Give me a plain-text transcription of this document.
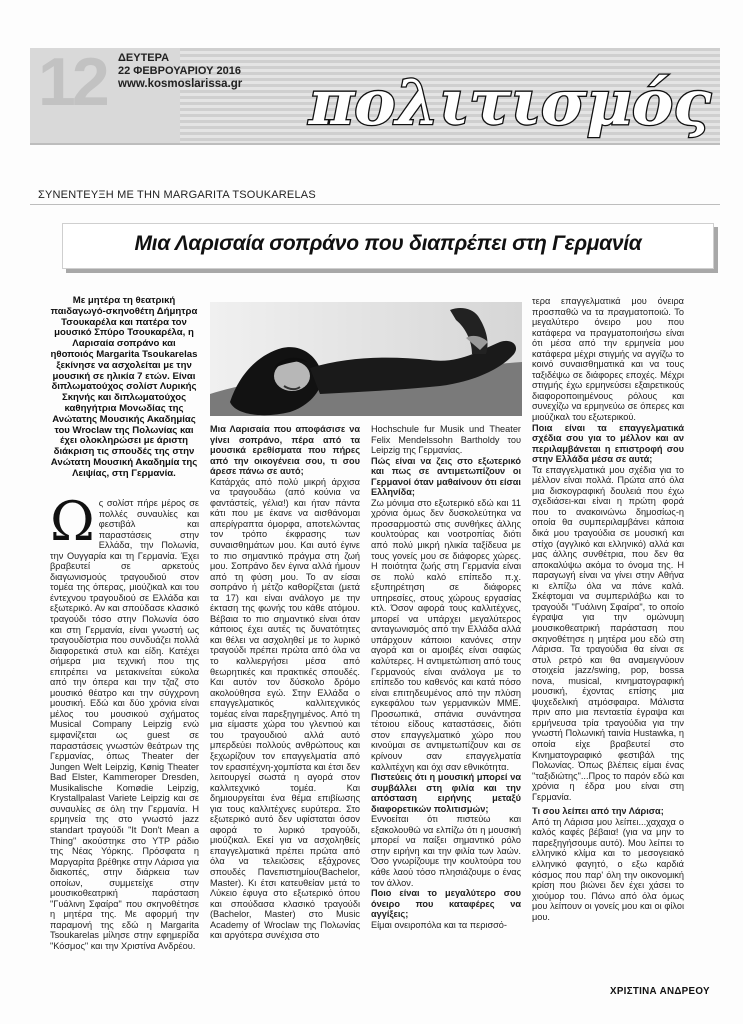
12 ΔΕΥΤΕΡΑ
22 ΦΕΒΡΟΥΑΡΙΟΥ 2016
www.kosmoslarissa.gr πολιτισμός
ΣΥΝΕΝΤΕΥΞΗ ΜΕ ΤΗΝ MARGARITA TSOUKARELAS
Μια Λαρισαία σοπράνο που διαπρέπει στη Γερμανία
Με μητέρα τη θεατρική παιδαγωγό-σκηνοθέτη Δήμητρα Τσουκαρέλα και πατέρα τον μουσικό Σπύρο Τσουκαρέλα, η Λαρισαία σοπράνο και ηθοποιός Margarita Tsoukarelas ξεκίνησε να ασχολείται με την μουσική σε ηλικία 7 ετών. Είναι διπλωματούχος σολίστ Λυρικής Σκηνής και διπλωματούχος καθηγήτρια Μονωδίας της Ανώτατης Μουσικής Ακαδημίας του Wroclaw της Πολωνίας και έχει ολοκληρώσει με άριστη διάκριση τις σπουδές της στην Ανώτατη Μουσική Ακαδημία της Λειψίας, στη Γερμανία.
Ω ς σολίστ πήρε μέρος σε πολλές συναυλίες και φεστιβάλ και παραστάσεις στην Ελλάδα, την Πολωνία, την Ουγγαρία και τη Γερμανία. Έχει βραβευτεί σε αρκετούς διαγωνισμούς τραγουδιού στον τομέα της όπερας, μιούζικαλ και του έντεχνου τραγουδιού σε Ελλάδα και εξωτερικό. Αν και σπούδασε κλασικό τραγούδι τόσο στην Πολωνία όσο και στη Γερμανία, είναι γνωστή ως τραγουδίστρια που συνδυάζει πολλά διαφορετικά στυλ και είδη. Κατέχει σήμερα μια τεχνική που της επιτρέπει να μετακινείται εύκολα από την όπερα και την τζαζ στο μουσικό θέατρο και την σύγχρονη μουσική. Εδώ και δύο χρόνια είναι μέλος του μουσικού σχήματος Musical Company Leipzig ενώ εμφανίζεται ως guest σε παραστάσεις γνωστών θεάτρων της Γερμανίας, όπως Theater der Jungen Welt Leipzig, Kønig Theater Bad Elster, Kammeroper Dresden, Musikalische Komødie Leipzig, Krystallpalast Variete Leipzig και σε συναυλίες σε όλη την Γερμανία. Η ερμηνεία της στο γνωστό jazz standart τραγούδι "It Don't Mean a Thing" ακούστηκε στο YTP ράδιο της Νέας Υόρκης. Πρόσφατα η Μαργαρίτα βρέθηκε στην Λάρισα για διακοπές, στην διάρκεια των οποίων, συμμετείχε στην μουσικοθεατρική παράσταση "Γυάλινη Σφαίρα" που σκηνοθέτησε η μητέρα της. Με αφορμή την παραμονή της εδώ η Margarita Tsoukarelas μίλησε στην εφημερίδα "Κόσμος" και την Χριστίνα Ανδρέου.

Μια Λαρισαία που αποφάσισε να γίνει σοπράνο, πέρα από τα μουσικά ερεθίσματα που πήρες από την οικογένεια σου, τι σου άρεσε πάνω σε αυτό;

Κατάρχάς από πολύ μικρή άρχισα να τραγουδάω (από κούνια να φαντάστείς, γέλια!) και ήταν πάντα κάτι που με έκανε να αισθάνομαι απερίγραπτα όμορφα, αποτελώντας τον τρόπο έκφρασης των συναισθημάτων μου. Και αυτό έγινε το πιο σημαντικό πράγμα στη ζωή μου. Σοπράνο δεν έγινα αλλά ήμουν από τη φύση μου. Το αν είσαι σοπράνο ή μέτζο καθορίζεται (μετά τα 17) και είναι ανάλογο με την έκταση της φωνής του κάθε ατόμου. Βέβαια το πιο σημαντικό είναι όταν κάποιος έχει αυτές τις δυνατότητες και θέλει να ασχοληθεί με το λυρικό τραγούδι πρέπει πρώτα από όλα να το καλλιεργήσει μέσα από θεωρητικές και πρακτικές σπουδές. Και αυτόν τον δύσκολο δρόμο ακολούθησα εγώ. Στην Ελλάδα ο επαγγελματικός καλλιτεχνικός τομέας είναι παρεξηγημένος. Από τη μια είμαστε χώρα του γλεντιού και του τραγουδιού αλλά αυτό μπερδεύει πολλούς ανθρώπους και ξεχωρίζουν τον επαγγελματία από τον ερασιτέχνη-χομπίστα και έτσι δεν λειτουργεί σωστά η αγορά στον καλλιτεχνικό τομέα. Και δημιουργείται ένα θέμα επιβίωσης για τους καλλιτέχνες ευρύτερα. Στο εξωτερικό αυτό δεν υφίσταται όσον αφορά το λυρικό τραγούδι, μιούζικαλ. Εκεί για να ασχοληθείς επαγγελματικά πρέπει πρώτα από όλα να τελειώσεις εξάχρονες σπουδές Πανεπιστημίου(Bachelor, Master). Κι έτσι κατευθείαν μετά το Λύκειο έφυγα στο εξωτερικό όπου και σπούδασα κλασικό τραγούδι (Bachelor, Master) στο Music Academy of Wroclaw της Πολωνίας και αργότερα συνέχισα στο

Hochschule fur Musik und Theater Felix Mendelssohn Bartholdy του Leipzig της Γερμανίας.

Πώς είναι να ζεις στο εξωτερικό και πως σε αντιμετωπίζουν οι Γερμανοί όταν μαθαίνουν ότι είσαι Ελληνίδα;

Ζω μόνιμα στο εξωτερικό εδώ και 11 χρόνια όμως δεν δυσκολεύτηκα να προσαρμοστώ στις συνθήκες άλλης κουλτούρας και νοοτροπίας διότι από πολύ μικρή ηλικία ταξίδευα με τους γονείς μου σε διάφορες χώρες. Η ποιότητα ζωής στη Γερμανία είναι σε πολύ καλό επίπεδο π.χ. εξυπηρέτηση σε διάφορες υπηρεσίες, στους χώρους εργασίας κτλ. Όσον αφορά τους καλλιτέχνες, μπορεί να υπάρχει μεγαλύτερος ανταγωνισμός από την Ελλάδα αλλά υπάρχουν κάποιοι κανόνες στην αγορά και οι αμοιβές είναι σαφώς καλύτερες. Η αντιμετώπιση από τους Γερμανούς είναι ανάλογα με το επίπεδο του καθενός και κατά πόσο είναι επιτηδευμένος από την πλύση εγκεφάλου των γερμανικών ΜΜΕ. Προσωπικά, σπάνια συνάντησα τέτοιου είδους καταστάσεις, διότι στον επαγγελματικό χώρο που κινούμαι σε αντιμετωπίζουν και σε κρίνουν σαν επαγγελματία καλλιτέχνη και όχι σαν εθνικότητα.

Πιστεύεις ότι η μουσική μπορεί να συμβάλλει στη φιλία και την απόσταση ειρήνης μεταξύ διαφορετικών πολιτισμών;

Εννοείται ότι πιστεύω και εξακολουθώ να ελπίζω ότι η μουσική μπορεί να παίξει σημαντικό ρόλο στην ειρήνη και την φιλία των λαών. Όσο γνωρίζουμε την κουλτούρα του κάθε λαού τόσο πλησιάζουμε ο ένας τον άλλον.

Ποιο είναι το μεγαλύτερο σου όνειρο που καταφέρες να αγγίξεις;

Είμαι ονειροπόλα και τα περισσό-

τερα επαγγελματικά μου όνειρα προσπαθώ να τα πραγματοποιώ. Το μεγαλύτερο όνειρο μου που κατάφερα να πραγματοποιήσω είναι ότι μέσα από την ερμηνεία μου κατάφερα μέχρι στιγμής να αγγίζω το κοινό συναισθηματικά και να τους ταξιδέψω σε διάφορες εποχές. Μέχρι στιγμής έχω ερμηνεύσει εξαιρετικούς διαφοροποιημένους ρόλους και συνεχίζω να ερμηνεύω σε όπερες και μιούζικαλ του εξωτερικού.

Ποια είναι τα επαγγελματικά σχέδια σου για το μέλλον και αν περιλαμβάνεται η επιστροφή σου στην Ελλάδα μέσα σε αυτά;

Τα επαγγελματικά μου σχέδια για το μέλλον είναι πολλά. Πρώτα από όλα μια δισκογραφική δουλειά που έχω σχεδιάσει-και είναι η πρώτη φορά που το ανακοινώνω δημοσίως-η οποία θα συμπεριλαμβάνει κάποια δικά μου τραγούδια σε μουσική και στίχο (αγγλικό και ελληνικό) αλλά και μας άλλης συνθέτρια, που δεν θα αποκαλύψω ακόμα το όνομα της. Η παραγωγή είναι να γίνει στην Αθήνα κι ελπίζω όλα να πάνε καλά. Σκέφτομαι να συμπεριλάβω και το τραγούδι "Γυάλινη Σφαίρα", το οποίο έγραψα για την ομώνυμη μουσικοθεατρική παράσταση που σκηνοθέτησε η μητέρα μου εδώ στη Λάρισα. Τα τραγούδια θα είναι σε στυλ ρετρό και θα αναμειγνύουν στοιχεία jazz/swing, pop, bossa nova, musical, κινηματογραφική μουσική, έχοντας επίσης μια ψυχεδελική ατμόσφαιρα. Μάλιστα πριν απο μια πενταετία έγραψα και ερμήνευσα τρία τραγούδια για την γνωστή Πολωνική ταινία Hustawka, η οποία είχε βραβευτεί στο Κινηματογραφικό φεστιβάλ της Πολωνίας. Όπως βλέπεις είμαι ένας "ταξιδιώτης"...Προς το παρόν εδώ και χρόνια η έδρα μου είναι στη Γερμανία.

Τι σου λείπει από την Λάρισα;

Από τη Λάρισα μου λείπει...χαχαχα ο καλός καφές βέβαια! (για να μην το παρεξηγήσουμε αυτό). Μου λείπει το ελληνικό κλίμα και το μεσογειακό ελληνικό φαγητό, ο εξω καρδιά κόσμος που παρ' όλη την οικονομική κρίση που βιώνει δεν έχει χάσει το χιούμορ του. Πάνω από όλα όμως μου λείπουν οι γονείς μου και οι φίλοι μου.

ΧΡΙΣΤΙΝΑ ΑΝΔΡΕΟΥ
